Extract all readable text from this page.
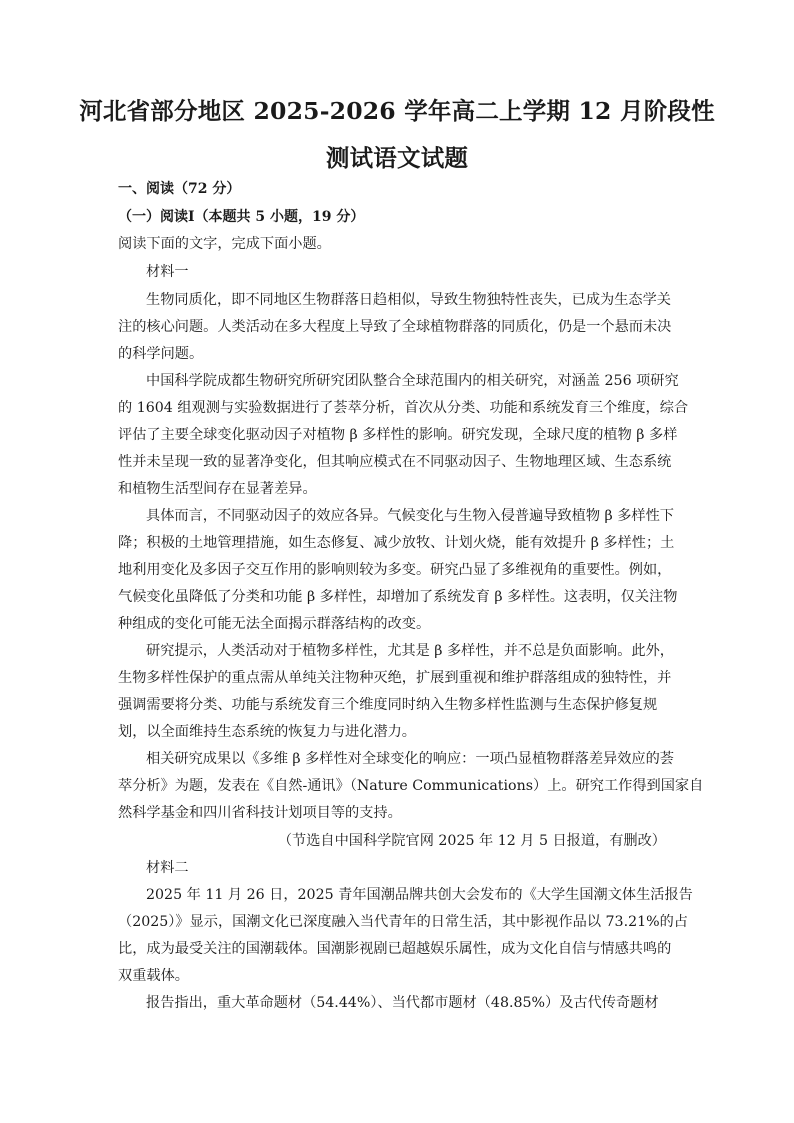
河北省部分地区 2025-2026 学年高二上学期 12 月阶段性
测试语文试题
一、阅读（72 分）
（一）阅读Ⅰ（本题共 5 小题，19 分）
阅读下面的文字，完成下面小题。
材料一
生物同质化，即不同地区生物群落日趋相似，导致生物独特性丧失，已成为生态学关
注的核心问题。人类活动在多大程度上导致了全球植物群落的同质化，仍是一个悬而未决
的科学问题。
中国科学院成都生物研究所研究团队整合全球范围内的相关研究，对涵盖 256 项研究
的 1604 组观测与实验数据进行了荟萃分析，首次从分类、功能和系统发育三个维度，综合
评估了主要全球变化驱动因子对植物 β 多样性的影响。研究发现，全球尺度的植物 β 多样
性并未呈现一致的显著净变化，但其响应模式在不同驱动因子、生物地理区域、生态系统
和植物生活型间存在显著差异。
具体而言，不同驱动因子的效应各异。气候变化与生物入侵普遍导致植物 β 多样性下
降；积极的土地管理措施，如生态修复、减少放牧、计划火烧，能有效提升 β 多样性；土
地利用变化及多因子交互作用的影响则较为多变。研究凸显了多维视角的重要性。例如，
气候变化虽降低了分类和功能 β 多样性，却增加了系统发育 β 多样性。这表明，仅关注物
种组成的变化可能无法全面揭示群落结构的改变。
研究提示，人类活动对于植物多样性，尤其是 β 多样性，并不总是负面影响。此外，
生物多样性保护的重点需从单纯关注物种灭绝，扩展到重视和维护群落组成的独特性，并
强调需要将分类、功能与系统发育三个维度同时纳入生物多样性监测与生态保护修复规
划，以全面维持生态系统的恢复力与进化潜力。
相关研究成果以《多维 β 多样性对全球变化的响应：一项凸显植物群落差异效应的荟
萃分析》为题，发表在《自然-通讯》（Nature Communications）上。研究工作得到国家自
然科学基金和四川省科技计划项目等的支持。
（节选自中国科学院官网 2025 年 12 月 5 日报道，有删改）
材料二
2025 年 11 月 26 日，2025 青年国潮品牌共创大会发布的《大学生国潮文体生活报告
（2025）》显示，国潮文化已深度融入当代青年的日常生活，其中影视作品以 73.21%的占
比，成为最受关注的国潮载体。国潮影视剧已超越娱乐属性，成为文化自信与情感共鸣的
双重载体。
报告指出，重大革命题材（54.44%）、当代都市题材（48.85%）及古代传奇题材
